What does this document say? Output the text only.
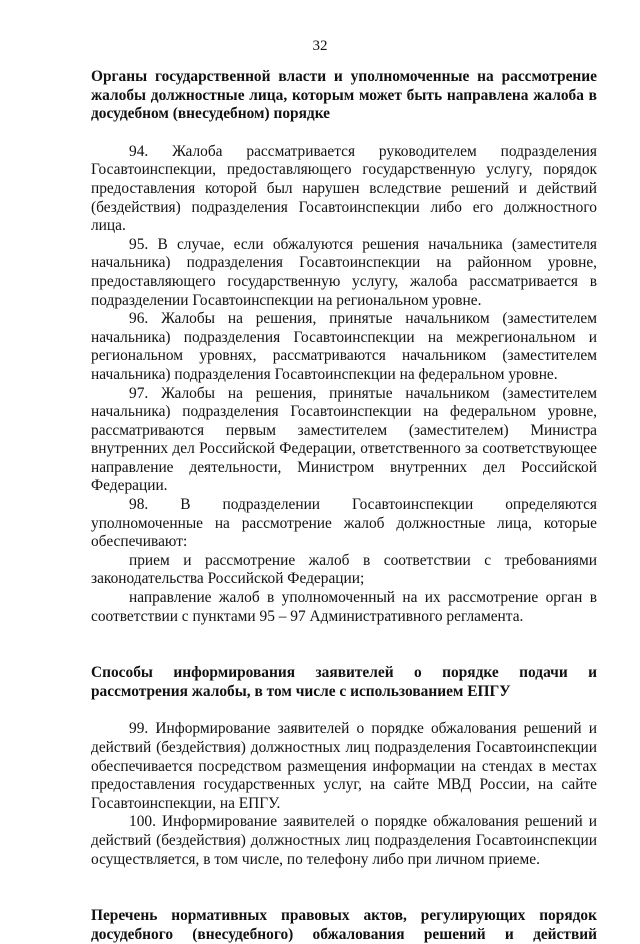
32

Органы государственной власти и уполномоченные на рассмотрение жалобы должностные лица, которым может быть направлена жалоба в досудебном (внесудебном) порядке

94. Жалоба рассматривается руководителем подразделения Госавтоинспекции, предоставляющего государственную услугу, порядок предоставления которой был нарушен вследствие решений и действий (бездействия) подразделения Госавтоинспекции либо его должностного лица.

95. В случае, если обжалуются решения начальника (заместителя начальника) подразделения Госавтоинспекции на районном уровне, предоставляющего государственную услугу, жалоба рассматривается в подразделении Госавтоинспекции на региональном уровне.

96. Жалобы на решения, принятые начальником (заместителем начальника) подразделения Госавтоинспекции на межрегиональном и региональном уровнях, рассматриваются начальником (заместителем начальника) подразделения Госавтоинспекции на федеральном уровне.

97. Жалобы на решения, принятые начальником (заместителем начальника) подразделения Госавтоинспекции на федеральном уровне, рассматриваются первым заместителем (заместителем) Министра внутренних дел Российской Федерации, ответственного за соответствующее направление деятельности, Министром внутренних дел Российской Федерации.

98. В подразделении Госавтоинспекции определяются уполномоченные на рассмотрение жалоб должностные лица, которые обеспечивают:

прием и рассмотрение жалоб в соответствии с требованиями законодательства Российской Федерации;

направление жалоб в уполномоченный на их рассмотрение орган в соответствии с пунктами 95 – 97 Административного регламента.

Способы информирования заявителей о порядке подачи и рассмотрения жалобы, в том числе с использованием ЕПГУ

99. Информирование заявителей о порядке обжалования решений и действий (бездействия) должностных лиц подразделения Госавтоинспекции обеспечивается посредством размещения информации на стендах в местах предоставления государственных услуг, на сайте МВД России, на сайте Госавтоинспекции, на ЕПГУ.

100. Информирование заявителей о порядке обжалования решений и действий (бездействия) должностных лиц подразделения Госавтоинспекции осуществляется, в том числе, по телефону либо при личном приеме.

Перечень нормативных правовых актов, регулирующих порядок досудебного (внесудебного) обжалования решений и действий
